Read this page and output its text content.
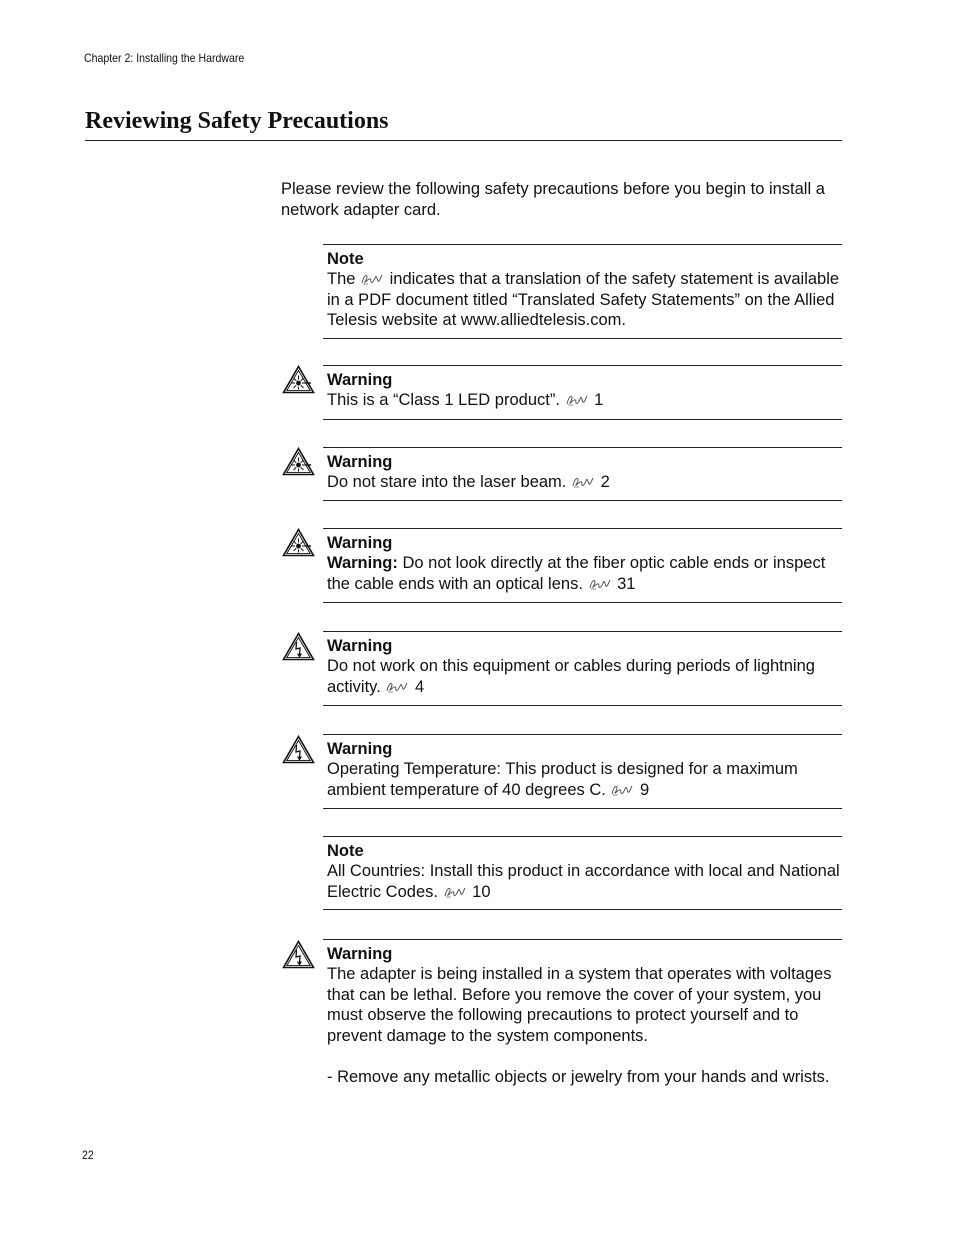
Chapter 2: Installing the Hardware
Reviewing Safety Precautions

Please review the following safety precautions before you begin to install a network adapter card.

Note
The indicates that a translation of the safety statement is available in a PDF document titled “Translated Safety Statements” on the Allied Telesis website at www.alliedtelesis.com.
Warning
This is a “Class 1 LED product”. 1
Warning
Do not stare into the laser beam. 2
Warning
Warning: Do not look directly at the fiber optic cable ends or inspect the cable ends with an optical lens. 31
Warning
Do not work on this equipment or cables during periods of lightning activity. 4
Warning
Operating Temperature: This product is designed for a maximum ambient temperature of 40 degrees C. 9
Note
All Countries: Install this product in accordance with local and National Electric Codes. 10
Warning

The adapter is being installed in a system that operates with voltages that can be lethal. Before you remove the cover of your system, you must observe the following precautions to protect yourself and to prevent damage to the system components.

- Remove any metallic objects or jewelry from your hands and wrists.

22
